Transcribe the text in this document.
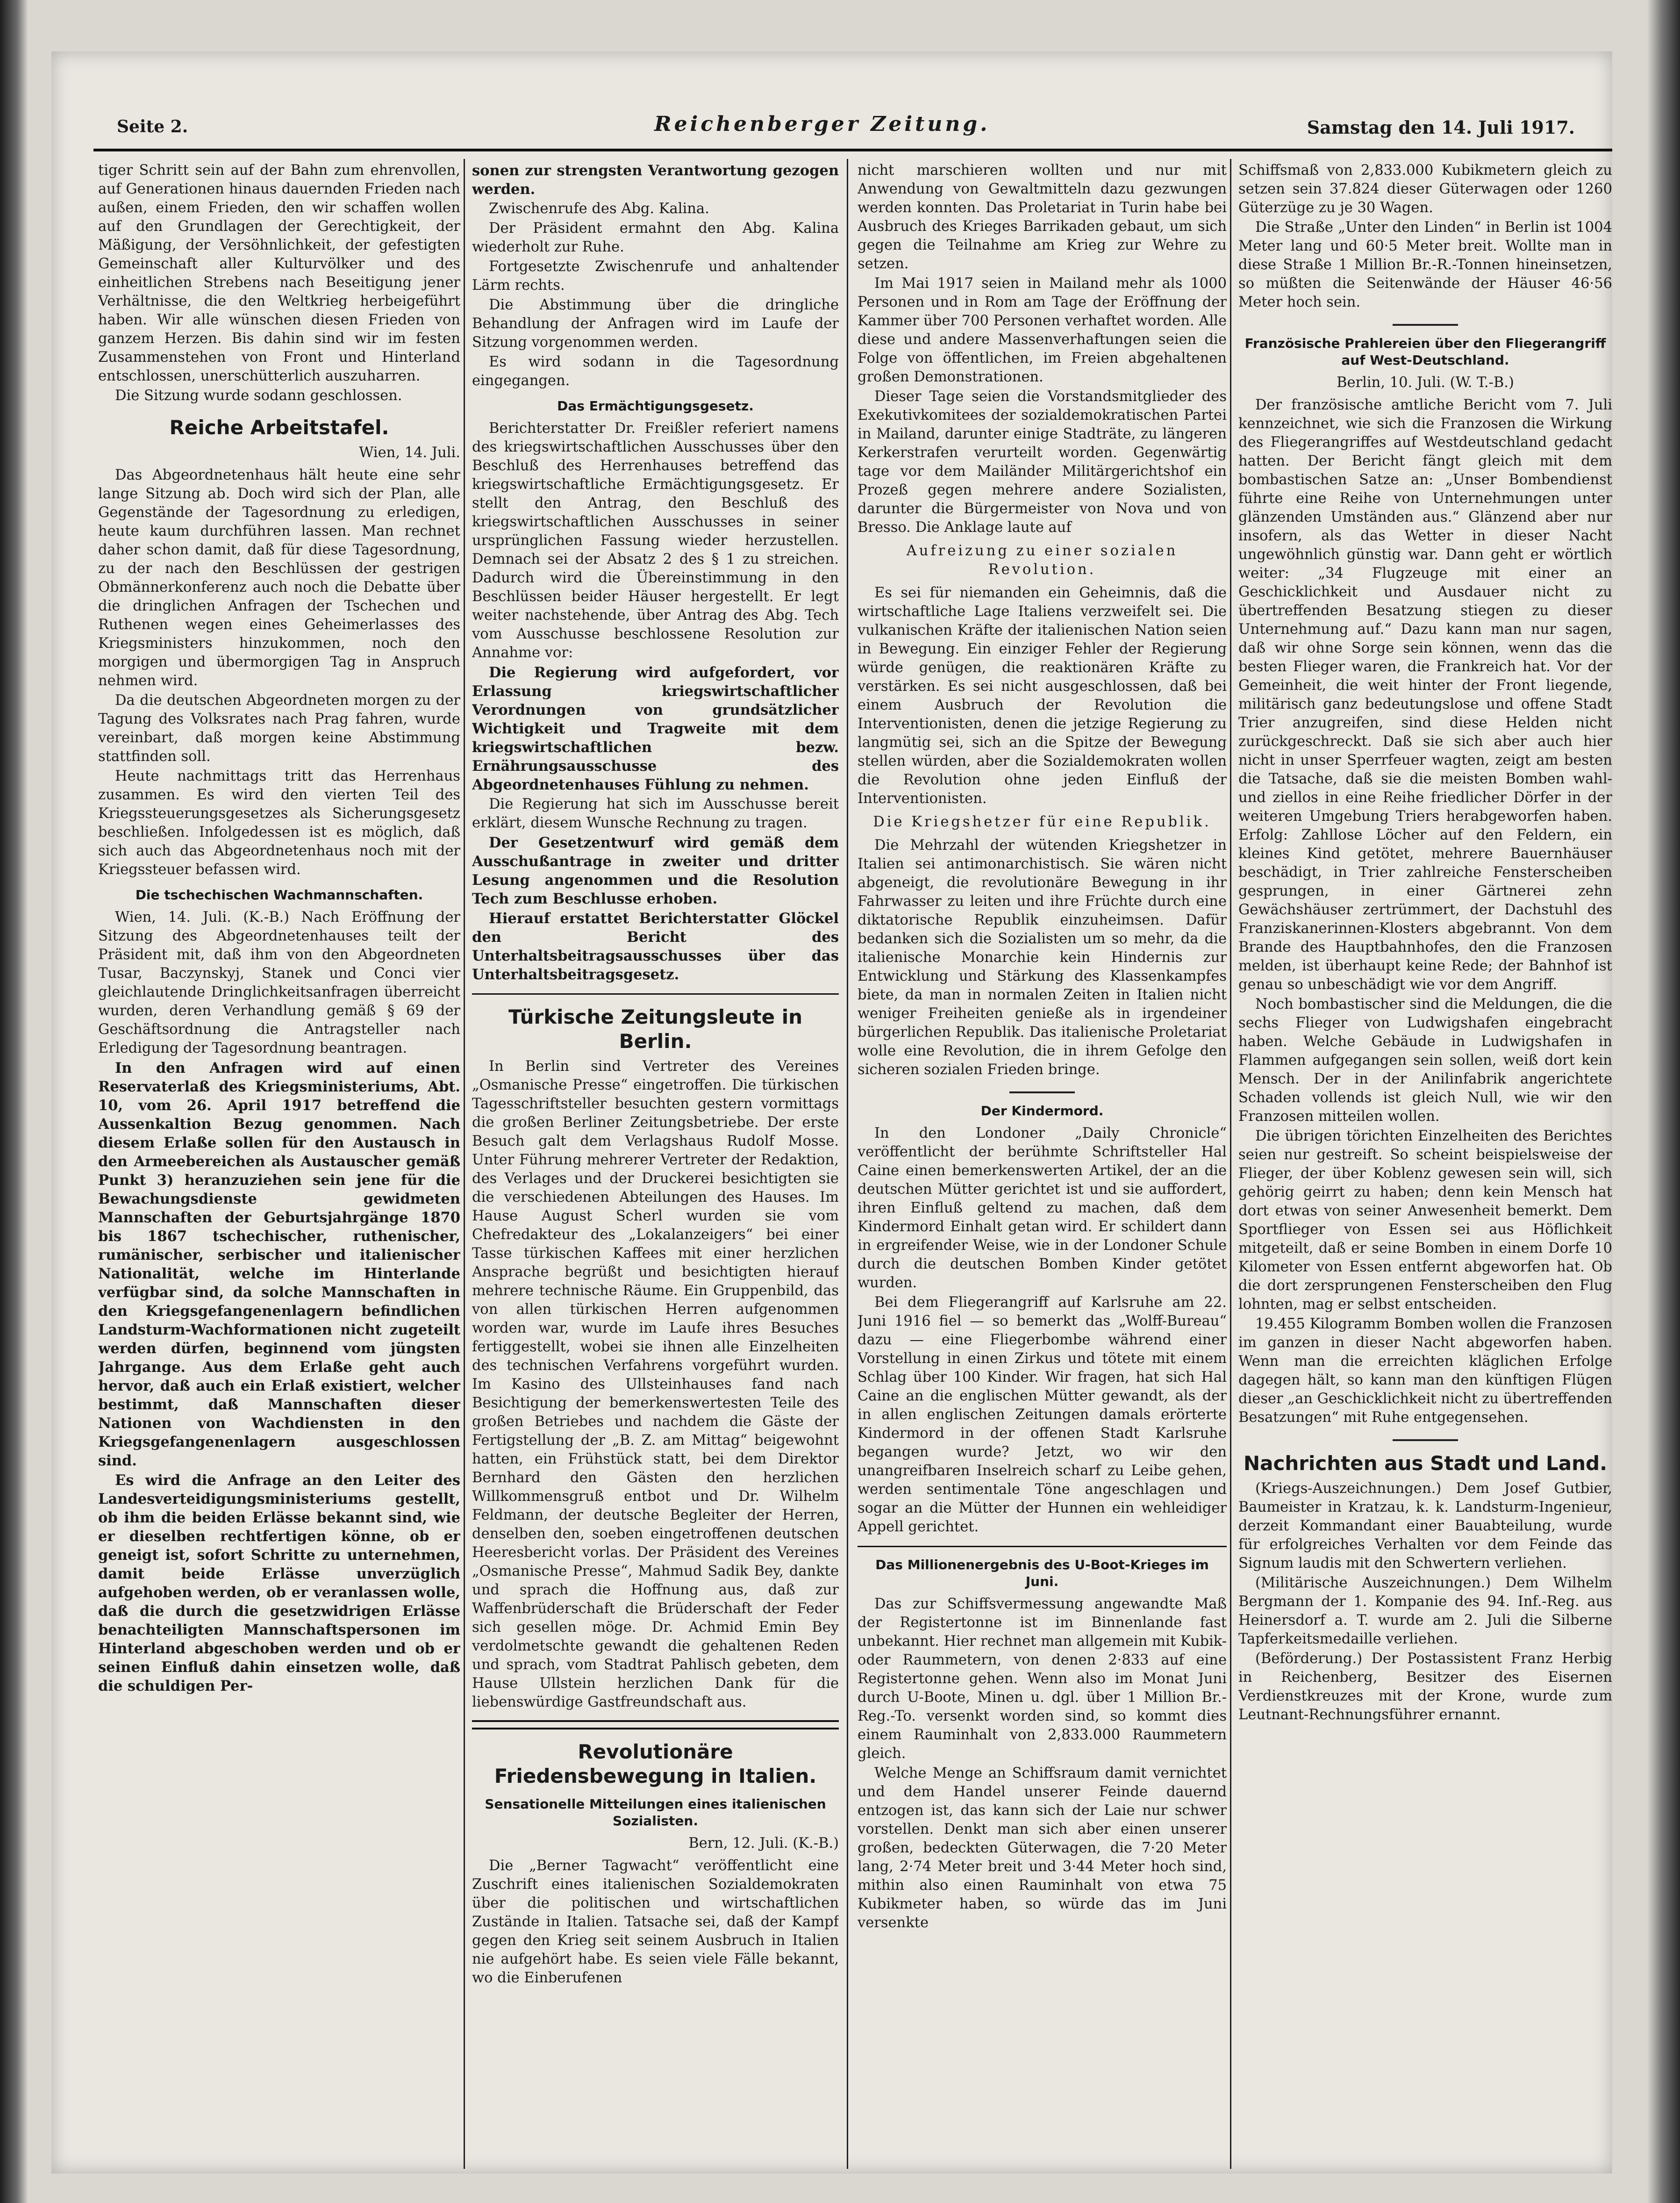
Seite 2.	Reichenberger Zeitung.	Samstag den 14. Juli 1917.

tiger Schritt sein auf der Bahn zum ehrenvollen, auf Generationen hinaus dauernden Frieden nach außen, einem Frieden, den wir schaffen wollen auf den Grundlagen der Gerechtigkeit, der Mäßigung, der Versöhnlichkeit, der gefestigten Gemeinschaft aller Kulturvölker und des einheitlichen Strebens nach Beseitigung jener Verhältnisse, die den Weltkrieg herbeigeführt haben. Wir alle wünschen diesen Frieden von ganzem Herzen. Bis dahin sind wir im festen Zusammenstehen von Front und Hinterland entschlossen, unerschütterlich auszuharren.

Die Sitzung wurde sodann geschlossen.

Reiche Arbeitstafel.
Wien, 14. Juli.

Das Abgeordnetenhaus hält heute eine sehr lange Sitzung ab. Doch wird sich der Plan, alle Gegenstände der Tagesordnung zu erledigen, heute kaum durchführen lassen. Man rechnet daher schon damit, daß für diese Tagesordnung, zu der nach den Beschlüssen der gestrigen Obmännerkonferenz auch noch die Debatte über die dringlichen Anfragen der Tschechen und Ruthenen wegen eines Geheimerlasses des Kriegsministers hinzukommen, noch den morgigen und übermorgigen Tag in Anspruch nehmen wird.

Da die deutschen Abgeordneten morgen zu der Tagung des Volksrates nach Prag fahren, wurde vereinbart, daß morgen keine Abstimmung stattfinden soll.

Heute nachmittags tritt das Herrenhaus zusammen. Es wird den vierten Teil des Kriegssteuerungsgesetzes als Sicherungsgesetz beschließen. Infolgedessen ist es möglich, daß sich auch das Abgeordnetenhaus noch mit der Kriegssteuer befassen wird.

Die tschechischen Wachmannschaften.

Wien, 14. Juli. (K.-B.) Nach Eröffnung der Sitzung des Abgeordnetenhauses teilt der Präsident mit, daß ihm von den Abgeordneten Tusar, Baczynskyj, Stanek und Conci vier gleichlautende Dringlichkeitsanfragen überreicht wurden, deren Verhandlung gemäß § 69 der Geschäftsordnung die Antragsteller nach Erledigung der Tagesordnung beantragen.

In den Anfragen wird auf einen Reservaterlaß des Kriegsministeriums, Abt. 10, vom 26. April 1917 betreffend die Aussenkaltion Bezug genommen. Nach diesem Erlaße sollen für den Austausch in den Armeebereichen als Austauscher gemäß Punkt 3) heranzuziehen sein jene für die Bewachungsdienste gewidmeten Mannschaften der Geburtsjahrgänge 1870 bis 1867 tschechischer, ruthenischer, rumänischer, serbischer und italienischer Nationalität, welche im Hinterlande verfügbar sind, da solche Mannschaften in den Kriegsgefangenenlagern befindlichen Landsturm-Wachformationen nicht zugeteilt werden dürfen, beginnend vom jüngsten Jahrgange. Aus dem Erlaße geht auch hervor, daß auch ein Erlaß existiert, welcher bestimmt, daß Mannschaften dieser Nationen von Wachdiensten in den Kriegsgefangenenlagern ausgeschlossen sind.

Es wird die Anfrage an den Leiter des Landesverteidigungsministeriums gestellt, ob ihm die beiden Erlässe bekannt sind, wie er dieselben rechtfertigen könne, ob er geneigt ist, sofort Schritte zu unternehmen, damit beide Erlässe unverzüglich aufgehoben werden, ob er veranlassen wolle, daß die durch die gesetzwidrigen Erlässe benachteiligten Mannschaftspersonen im Hinterland abgeschoben werden und ob er seinen Einfluß dahin einsetzen wolle, daß die schuldigen Per-

sonen zur strengsten Verantwortung gezogen werden.

Zwischenrufe des Abg. Kalina.

Der Präsident ermahnt den Abg. Kalina wiederholt zur Ruhe.

Fortgesetzte Zwischenrufe und anhaltender Lärm rechts.

Die Abstimmung über die dringliche Behandlung der Anfragen wird im Laufe der Sitzung vorgenommen werden.

Es wird sodann in die Tagesordnung eingegangen.

Das Ermächtigungsgesetz.

Berichterstatter Dr. Freißler referiert namens des kriegswirtschaftlichen Ausschusses über den Beschluß des Herrenhauses betreffend das kriegswirtschaftliche Ermächtigungsgesetz. Er stellt den Antrag, den Beschluß des kriegswirtschaftlichen Ausschusses in seiner ursprünglichen Fassung wieder herzustellen. Demnach sei der Absatz 2 des § 1 zu streichen. Dadurch wird die Übereinstimmung in den Beschlüssen beider Häuser hergestellt. Er legt weiter nachstehende, über Antrag des Abg. Tech vom Ausschusse beschlossene Resolution zur Annahme vor:

Die Regierung wird aufgefordert, vor Erlassung kriegswirtschaftlicher Verordnungen von grundsätzlicher Wichtigkeit und Tragweite mit dem kriegswirtschaftlichen bezw. Ernährungsausschusse des Abgeordnetenhauses Fühlung zu nehmen.

Die Regierung hat sich im Ausschusse bereit erklärt, diesem Wunsche Rechnung zu tragen.

Der Gesetzentwurf wird gemäß dem Ausschußantrage in zweiter und dritter Lesung angenommen und die Resolution Tech zum Beschlusse erhoben.

Hierauf erstattet Berichterstatter Glöckel den Bericht des Unterhaltsbeitragsausschusses über das Unterhaltsbeitragsgesetz.

Türkische Zeitungsleute in Berlin.

In Berlin sind Vertreter des Vereines „Osmanische Presse“ eingetroffen. Die türkischen Tagesschriftsteller besuchten gestern vormittags die großen Berliner Zeitungsbetriebe. Der erste Besuch galt dem Verlagshaus Rudolf Mosse. Unter Führung mehrerer Vertreter der Redaktion, des Verlages und der Druckerei besichtigten sie die verschiedenen Abteilungen des Hauses. Im Hause August Scherl wurden sie vom Chefredakteur des „Lokalanzeigers“ bei einer Tasse türkischen Kaffees mit einer herzlichen Ansprache begrüßt und besichtigten hierauf mehrere technische Räume. Ein Gruppenbild, das von allen türkischen Herren aufgenommen worden war, wurde im Laufe ihres Besuches fertiggestellt, wobei sie ihnen alle Einzelheiten des technischen Verfahrens vorgeführt wurden. Im Kasino des Ullsteinhauses fand nach Besichtigung der bemerkenswertesten Teile des großen Betriebes und nachdem die Gäste der Fertigstellung der „B. Z. am Mittag“ beigewohnt hatten, ein Frühstück statt, bei dem Direktor Bernhard den Gästen den herzlichen Willkommensgruß entbot und Dr. Wilhelm Feldmann, der deutsche Begleiter der Herren, denselben den, soeben eingetroffenen deutschen Heeresbericht vorlas. Der Präsident des Vereines „Osmanische Presse“, Mahmud Sadik Bey, dankte und sprach die Hoffnung aus, daß zur Waffenbrüderschaft die Brüderschaft der Feder sich gesellen möge. Dr. Achmid Emin Bey verdolmetschte gewandt die gehaltenen Reden und sprach, vom Stadtrat Pahlisch gebeten, dem Hause Ullstein herzlichen Dank für die liebenswürdige Gastfreundschaft aus.

Revolutionäre Friedensbewegung in Italien.
Sensationelle Mitteilungen eines italienischen Sozialisten.
Bern, 12. Juli. (K.-B.)

Die „Berner Tagwacht“ veröffentlicht eine Zuschrift eines italienischen Sozialdemokraten über die politischen und wirtschaftlichen Zustände in Italien. Tatsache sei, daß der Kampf gegen den Krieg seit seinem Ausbruch in Italien nie aufgehört habe. Es seien viele Fälle bekannt, wo die Einberufenen

nicht marschieren wollten und nur mit Anwendung von Gewaltmitteln dazu gezwungen werden konnten. Das Proletariat in Turin habe bei Ausbruch des Krieges Barrikaden gebaut, um sich gegen die Teilnahme am Krieg zur Wehre zu setzen.

Im Mai 1917 seien in Mailand mehr als 1000 Personen und in Rom am Tage der Eröffnung der Kammer über 700 Personen verhaftet worden. Alle diese und andere Massenverhaftungen seien die Folge von öffentlichen, im Freien abgehaltenen großen Demonstrationen.

Dieser Tage seien die Vorstandsmitglieder des Exekutivkomitees der sozialdemokratischen Partei in Mailand, darunter einige Stadträte, zu längeren Kerkerstrafen verurteilt worden. Gegenwärtig tage vor dem Mailänder Militärgerichtshof ein Prozeß gegen mehrere andere Sozialisten, darunter die Bürgermeister von Nova und von Bresso. Die Anklage laute auf

Aufreizung zu einer sozialen Revolution.

Es sei für niemanden ein Geheimnis, daß die wirtschaftliche Lage Italiens verzweifelt sei. Die vulkanischen Kräfte der italienischen Nation seien in Bewegung. Ein einziger Fehler der Regierung würde genügen, die reaktionären Kräfte zu verstärken. Es sei nicht ausgeschlossen, daß bei einem Ausbruch der Revolution die Interventionisten, denen die jetzige Regierung zu langmütig sei, sich an die Spitze der Bewegung stellen würden, aber die Sozialdemokraten wollen die Revolution ohne jeden Einfluß der Interventionisten.

Die Kriegshetzer für eine Republik.

Die Mehrzahl der wütenden Kriegshetzer in Italien sei antimonarchistisch. Sie wären nicht abgeneigt, die revolutionäre Bewegung in ihr Fahrwasser zu leiten und ihre Früchte durch eine diktatorische Republik einzuheimsen. Dafür bedanken sich die Sozialisten um so mehr, da die italienische Monarchie kein Hindernis zur Entwicklung und Stärkung des Klassenkampfes biete, da man in normalen Zeiten in Italien nicht weniger Freiheiten genieße als in irgendeiner bürgerlichen Republik. Das italienische Proletariat wolle eine Revolution, die in ihrem Gefolge den sicheren sozialen Frieden bringe.

Der Kindermord.

In den Londoner „Daily Chronicle“ veröffentlicht der berühmte Schriftsteller Hal Caine einen bemerkenswerten Artikel, der an die deutschen Mütter gerichtet ist und sie auffordert, ihren Einfluß geltend zu machen, daß dem Kindermord Einhalt getan wird. Er schildert dann in ergreifender Weise, wie in der Londoner Schule durch die deutschen Bomben Kinder getötet wurden.

Bei dem Fliegerangriff auf Karlsruhe am 22. Juni 1916 fiel — so bemerkt das „Wolff-Bureau“ dazu — eine Fliegerbombe während einer Vorstellung in einen Zirkus und tötete mit einem Schlag über 100 Kinder. Wir fragen, hat sich Hal Caine an die englischen Mütter gewandt, als der in allen englischen Zeitungen damals erörterte Kindermord in der offenen Stadt Karlsruhe begangen wurde? Jetzt, wo wir den unangreifbaren Inselreich scharf zu Leibe gehen, werden sentimentale Töne angeschlagen und sogar an die Mütter der Hunnen ein wehleidiger Appell gerichtet.

Das Millionenergebnis des U-Boot-Krieges im Juni.

Das zur Schiffsvermessung angewandte Maß der Registertonne ist im Binnenlande fast unbekannt. Hier rechnet man allgemein mit Kubik- oder Raummetern, von denen 2·833 auf eine Registertonne gehen. Wenn also im Monat Juni durch U-Boote, Minen u. dgl. über 1 Million Br.-Reg.-To. versenkt worden sind, so kommt dies einem Rauminhalt von 2,833.000 Raummetern gleich.

Welche Menge an Schiffsraum damit vernichtet und dem Handel unserer Feinde dauernd entzogen ist, das kann sich der Laie nur schwer vorstellen. Denkt man sich aber einen unserer großen, bedeckten Güterwagen, die 7·20 Meter lang, 2·74 Meter breit und 3·44 Meter hoch sind, mithin also einen Rauminhalt von etwa 75 Kubikmeter haben, so würde das im Juni versenkte

Schiffsmaß von 2,833.000 Kubikmetern gleich zu setzen sein 37.824 dieser Güterwagen oder 1260 Güterzüge zu je 30 Wagen.

Die Straße „Unter den Linden“ in Berlin ist 1004 Meter lang und 60·5 Meter breit. Wollte man in diese Straße 1 Million Br.-R.-Tonnen hineinsetzen, so müßten die Seitenwände der Häuser 46·56 Meter hoch sein.

Französische Prahlereien über den Fliegerangriff auf West-Deutschland.
Berlin, 10. Juli. (W. T.-B.)

Der französische amtliche Bericht vom 7. Juli kennzeichnet, wie sich die Franzosen die Wirkung des Fliegerangriffes auf Westdeutschland gedacht hatten. Der Bericht fängt gleich mit dem bombastischen Satze an: „Unser Bombendienst führte eine Reihe von Unternehmungen unter glänzenden Umständen aus.“ Glänzend aber nur insofern, als das Wetter in dieser Nacht ungewöhnlich günstig war. Dann geht er wörtlich weiter: „34 Flugzeuge mit einer an Geschicklichkeit und Ausdauer nicht zu übertreffenden Besatzung stiegen zu dieser Unternehmung auf.“ Dazu kann man nur sagen, daß wir ohne Sorge sein können, wenn das die besten Flieger waren, die Frankreich hat. Vor der Gemeinheit, die weit hinter der Front liegende, militärisch ganz bedeutungslose und offene Stadt Trier anzugreifen, sind diese Helden nicht zurückgeschreckt. Daß sie sich aber auch hier nicht in unser Sperrfeuer wagten, zeigt am besten die Tatsache, daß sie die meisten Bomben wahl- und ziellos in eine Reihe friedlicher Dörfer in der weiteren Umgebung Triers herabgeworfen haben. Erfolg: Zahllose Löcher auf den Feldern, ein kleines Kind getötet, mehrere Bauernhäuser beschädigt, in Trier zahlreiche Fensterscheiben gesprungen, in einer Gärtnerei zehn Gewächshäuser zertrümmert, der Dachstuhl des Franziskanerinnen-Klosters abgebrannt. Von dem Brande des Hauptbahnhofes, den die Franzosen melden, ist überhaupt keine Rede; der Bahnhof ist genau so unbeschädigt wie vor dem Angriff.

Noch bombastischer sind die Meldungen, die die sechs Flieger von Ludwigshafen eingebracht haben. Welche Gebäude in Ludwigshafen in Flammen aufgegangen sein sollen, weiß dort kein Mensch. Der in der Anilinfabrik angerichtete Schaden vollends ist gleich Null, wie wir den Franzosen mitteilen wollen.

Die übrigen törichten Einzelheiten des Berichtes seien nur gestreift. So scheint beispielsweise der Flieger, der über Koblenz gewesen sein will, sich gehörig geirrt zu haben; denn kein Mensch hat dort etwas von seiner Anwesenheit bemerkt. Dem Sportflieger von Essen sei aus Höflichkeit mitgeteilt, daß er seine Bomben in einem Dorfe 10 Kilometer von Essen entfernt abgeworfen hat. Ob die dort zersprungenen Fensterscheiben den Flug lohnten, mag er selbst entscheiden.

19.455 Kilogramm Bomben wollen die Franzosen im ganzen in dieser Nacht abgeworfen haben. Wenn man die erreichten kläglichen Erfolge dagegen hält, so kann man den künftigen Flügen dieser „an Geschicklichkeit nicht zu übertreffenden Besatzungen“ mit Ruhe entgegensehen.

Nachrichten aus Stadt und Land.

(Kriegs-Auszeichnungen.) Dem Josef Gutbier, Baumeister in Kratzau, k. k. Landsturm-Ingenieur, derzeit Kommandant einer Bauabteilung, wurde für erfolgreiches Verhalten vor dem Feinde das Signum laudis mit den Schwertern verliehen.

(Militärische Auszeichnungen.) Dem Wilhelm Bergmann der 1. Kompanie des 94. Inf.-Reg. aus Heinersdorf a. T. wurde am 2. Juli die Silberne Tapferkeitsmedaille verliehen.

(Beförderung.) Der Postassistent Franz Herbig in Reichenberg, Besitzer des Eisernen Verdienstkreuzes mit der Krone, wurde zum Leutnant-Rechnungsführer ernannt.
